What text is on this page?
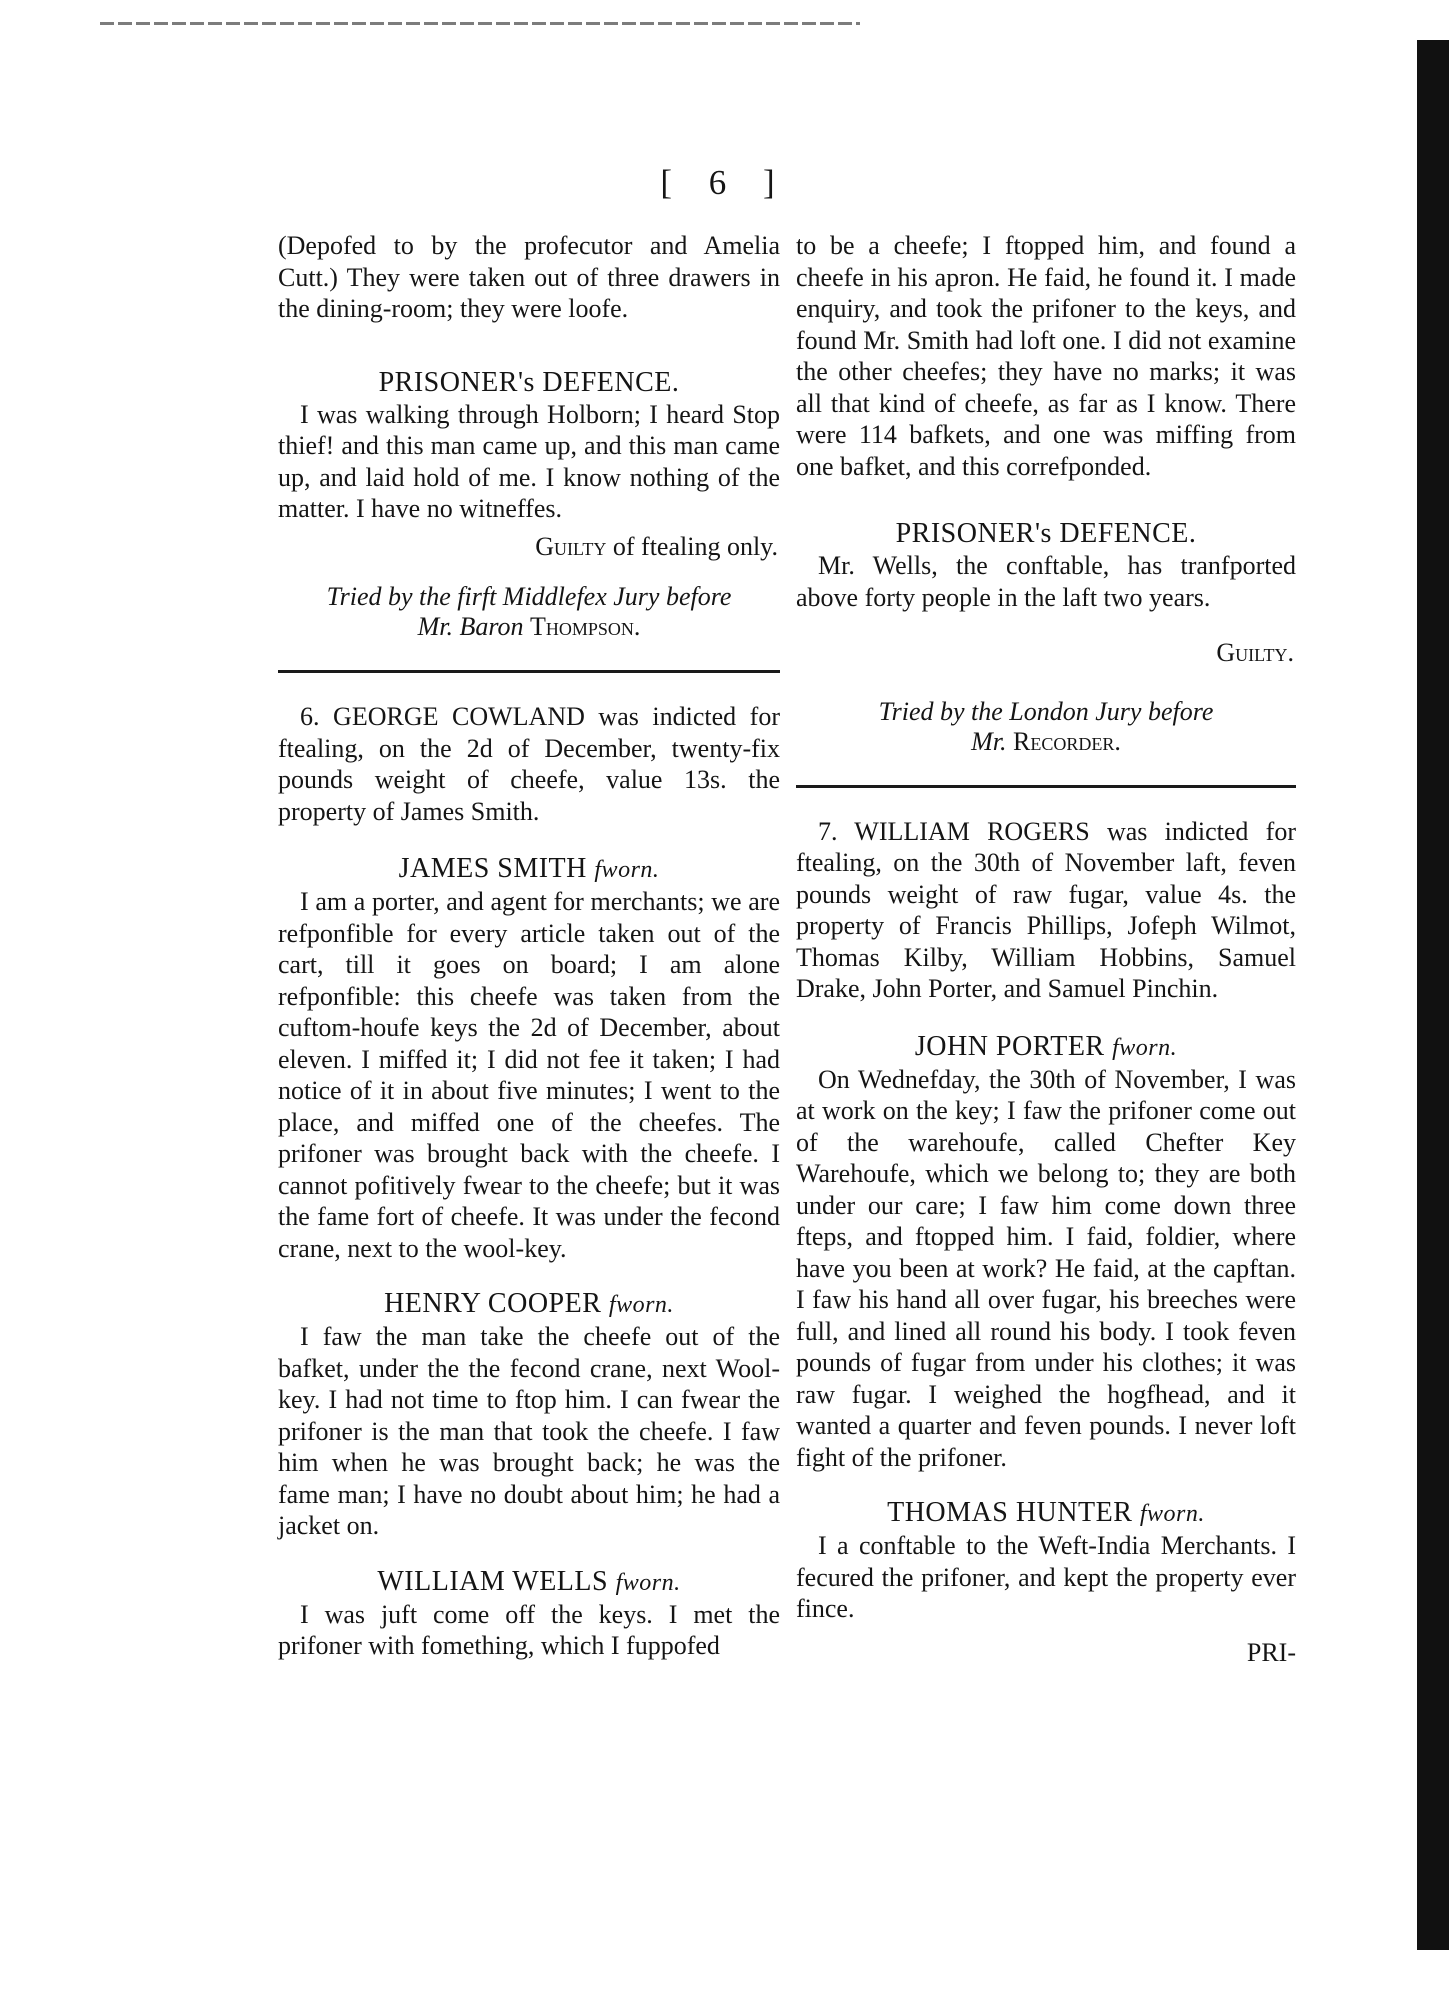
[ 6 ]

(Depofed to by the profecutor and Amelia Cutt.) They were taken out of three drawers in the dining-room; they were loofe.

PRISONER's DEFENCE.

I was walking through Holborn; I heard Stop thief! and this man came up, and this man came up, and laid hold of me. I know nothing of the matter. I have no witneffes.

Guilty of ftealing only.

Tried by the firft Middlefex Jury before
Mr. Baron Thompson.

6. GEORGE COWLAND was indicted for ftealing, on the 2d of December, twenty-fix pounds weight of cheefe, value 13s. the property of James Smith.

JAMES SMITH fworn.

I am a porter, and agent for merchants; we are refponfible for every article taken out of the cart, till it goes on board; I am alone refponfible: this cheefe was taken from the cuftom-houfe keys the 2d of December, about eleven. I miffed it; I did not fee it taken; I had notice of it in about five minutes; I went to the place, and miffed one of the cheefes. The prifoner was brought back with the cheefe. I cannot pofitively fwear to the cheefe; but it was the fame fort of cheefe. It was under the fecond crane, next to the wool-key.

HENRY COOPER fworn.

I faw the man take the cheefe out of the bafket, under the the fecond crane, next Wool-key. I had not time to ftop him. I can fwear the prifoner is the man that took the cheefe. I faw him when he was brought back; he was the fame man; I have no doubt about him; he had a jacket on.

WILLIAM WELLS fworn.

I was juft come off the keys. I met the prifoner with fomething, which I fuppofed

to be a cheefe; I ftopped him, and found a cheefe in his apron. He faid, he found it. I made enquiry, and took the prifoner to the keys, and found Mr. Smith had loft one. I did not examine the other cheefes; they have no marks; it was all that kind of cheefe, as far as I know. There were 114 bafkets, and one was miffing from one bafket, and this correfponded.

PRISONER's DEFENCE.

Mr. Wells, the conftable, has tranfported above forty people in the laft two years.

Guilty.

Tried by the London Jury before
Mr. Recorder.

7. WILLIAM ROGERS was indicted for ftealing, on the 30th of November laft, feven pounds weight of raw fugar, value 4s. the property of Francis Phillips, Jofeph Wilmot, Thomas Kilby, William Hobbins, Samuel Drake, John Porter, and Samuel Pinchin.

JOHN PORTER fworn.

On Wednefday, the 30th of November, I was at work on the key; I faw the prifoner come out of the warehoufe, called Chefter Key Warehoufe, which we belong to; they are both under our care; I faw him come down three fteps, and ftopped him. I faid, foldier, where have you been at work? He faid, at the capftan. I faw his hand all over fugar, his breeches were full, and lined all round his body. I took feven pounds of fugar from under his clothes; it was raw fugar. I weighed the hogfhead, and it wanted a quarter and feven pounds. I never loft fight of the prifoner.

THOMAS HUNTER fworn.

I a conftable to the Weft-India Merchants. I fecured the prifoner, and kept the property ever fince.

PRI-
